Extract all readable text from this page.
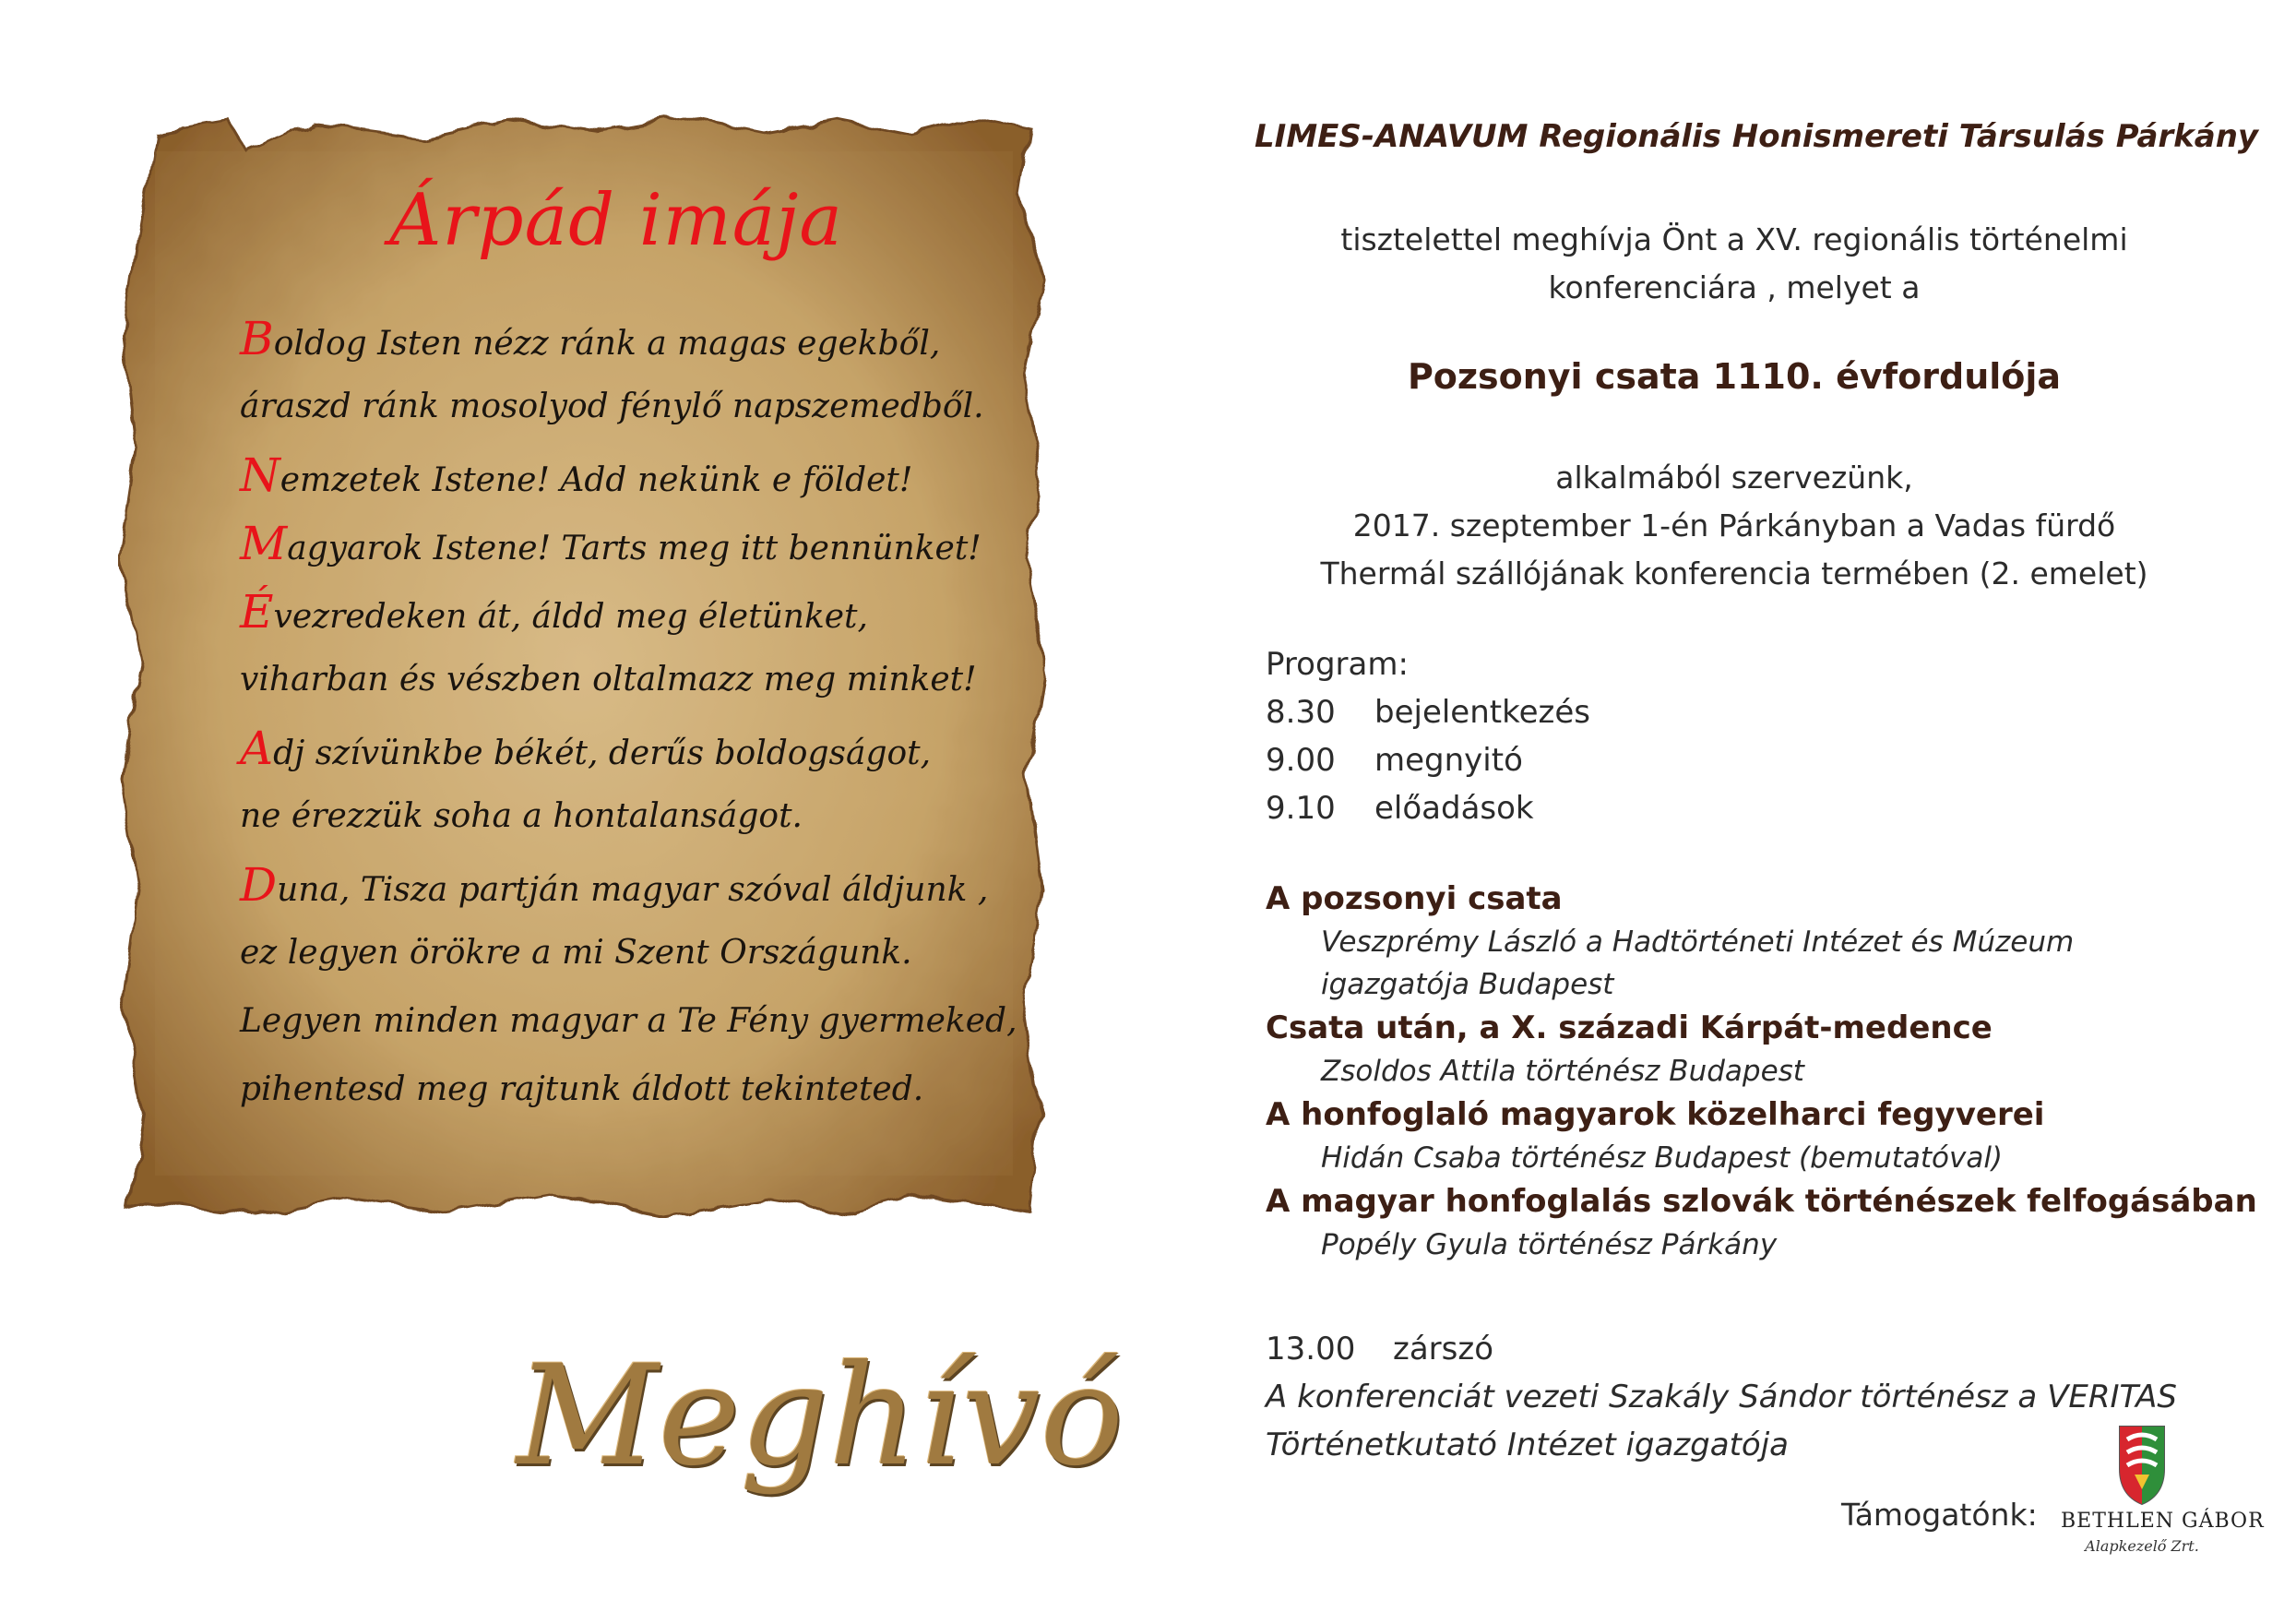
Árpád imája
Boldog Isten nézz ránk a magas egekből,
áraszd ránk mosolyod fénylő napszemedből.
Nemzetek Istene! Add nekünk e földet!
Magyarok Istene! Tarts meg itt bennünket!
Évezredeken át, áldd meg életünket,
viharban és vészben oltalmazz meg minket!
Adj szívünkbe békét, derűs boldogságot,
ne érezzük soha a hontalanságot.
Duna, Tisza partján magyar szóval áldjunk ,
ez legyen örökre a mi Szent Országunk.
Legyen minden magyar a Te Fény gyermeked,
pihentesd meg rajtunk áldott tekinteted.
Meghívó
LIMES-ANAVUM Regionális Honismereti Társulás Párkány
tisztelettel meghívja Önt a XV. regionális történelmi
konferenciára , melyet a
Pozsonyi csata 1110. évfordulója
alkalmából szervezünk,
2017. szeptember 1-én Párkányban a Vadas fürdő
Thermál szállójának konferencia termében (2. emelet)
Program:
8.30 bejelentkezés
9.00 megnyitó
9.10 előadások
A pozsonyi csata
Veszprémy László a Hadtörténeti Intézet és Múzeum
igazgatója Budapest
Csata után, a X. századi Kárpát-medence
Zsoldos Attila történész Budapest
A honfoglaló magyarok közelharci fegyverei
Hidán Csaba történész Budapest (bemutatóval)
A magyar honfoglalás szlovák történészek felfogásában
Popély Gyula történész Párkány
13.00 zárszó
A konferenciát vezeti Szakály Sándor történész a VERITAS
Történetkutató Intézet igazgatója
Támogatónk: BETHLEN GÁBOR
Alapkezelő Zrt.
